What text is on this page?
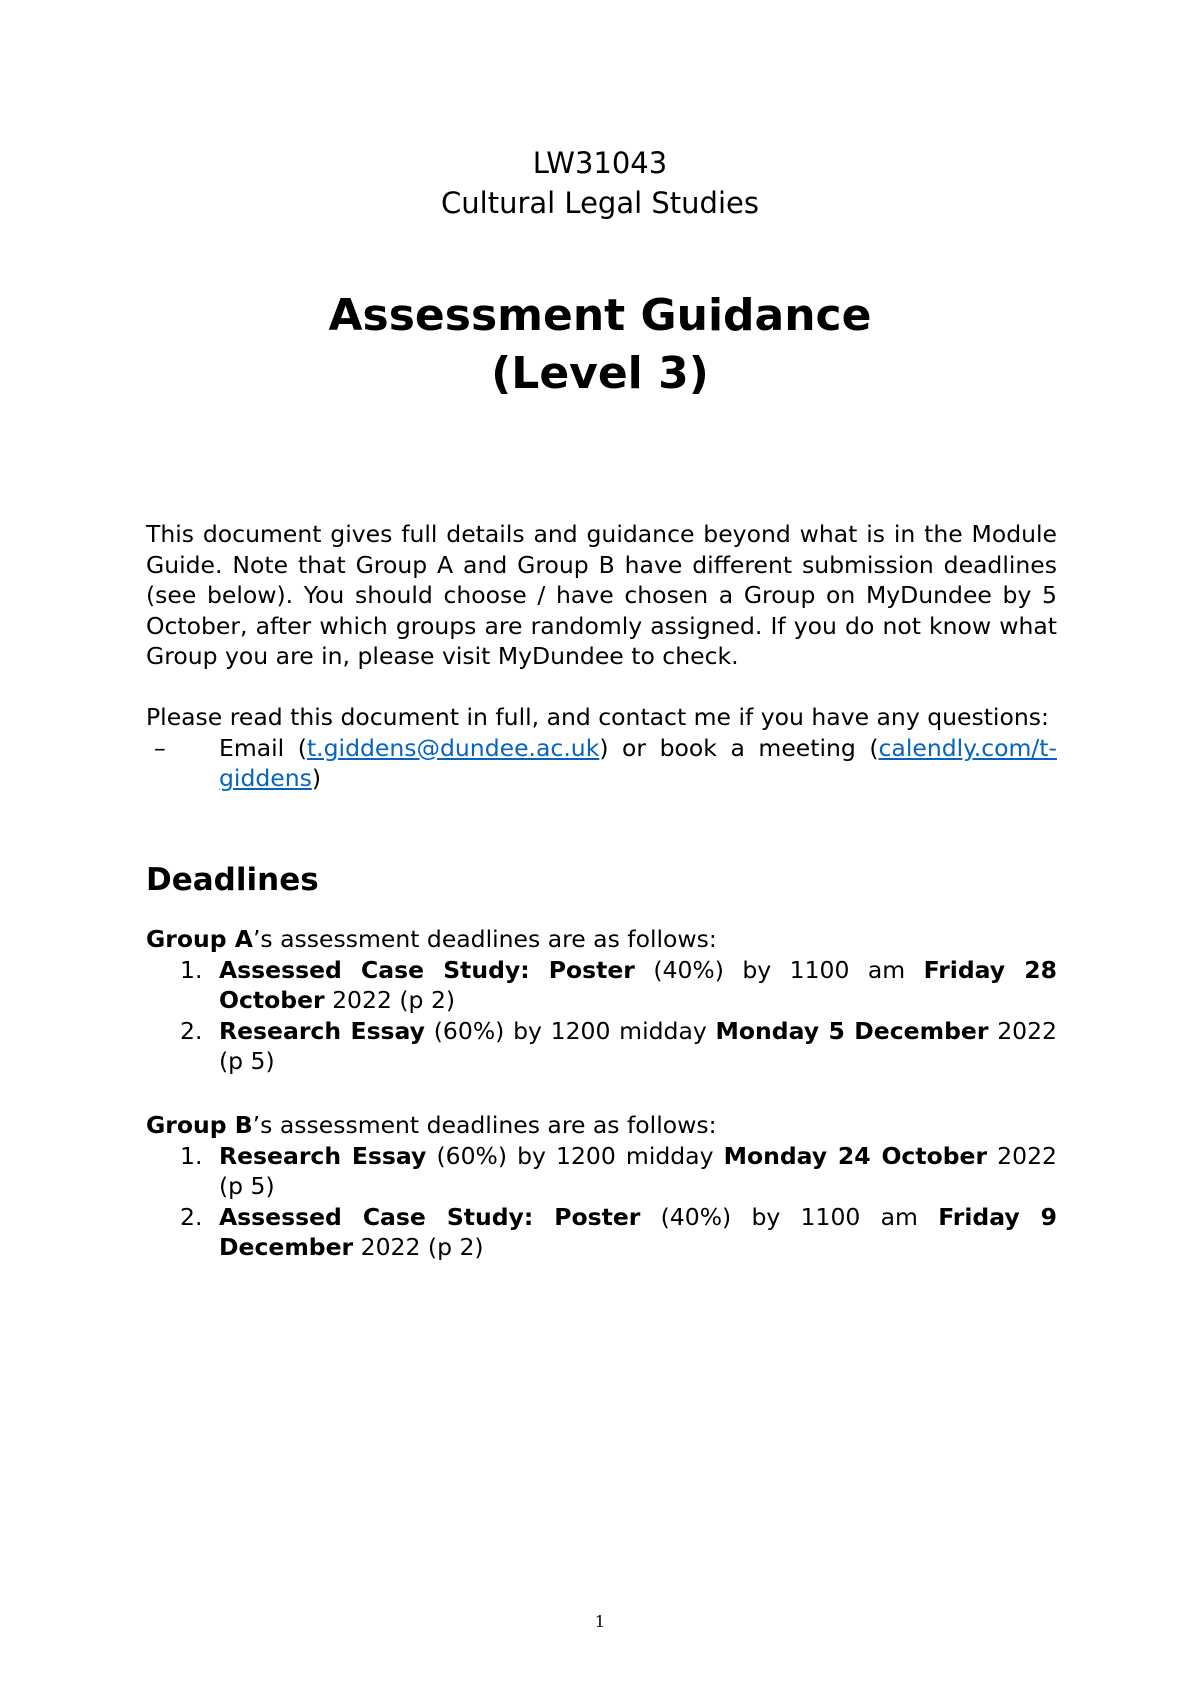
LW31043
Cultural Legal Studies
Assessment Guidance
(Level 3)
This document gives full details and guidance beyond what is in the Module Guide. Note that Group A and Group B have different submission deadlines (see below). You should choose / have chosen a Group on MyDundee by 5 October, after which groups are randomly assigned. If you do not know what Group you are in, please visit MyDundee to check.
Please read this document in full, and contact me if you have any questions:
– Email (t.giddens@dundee.ac.uk) or book a meeting (calendly.com/t-giddens)
Deadlines
Group A’s assessment deadlines are as follows:
1. Assessed Case Study: Poster (40%) by 1100 am Friday 28 October 2022 (p 2)
2. Research Essay (60%) by 1200 midday Monday 5 December 2022 (p 5)
Group B’s assessment deadlines are as follows:
1. Research Essay (60%) by 1200 midday Monday 24 October 2022 (p 5)
2. Assessed Case Study: Poster (40%) by 1100 am Friday 9 December 2022 (p 2)
1
